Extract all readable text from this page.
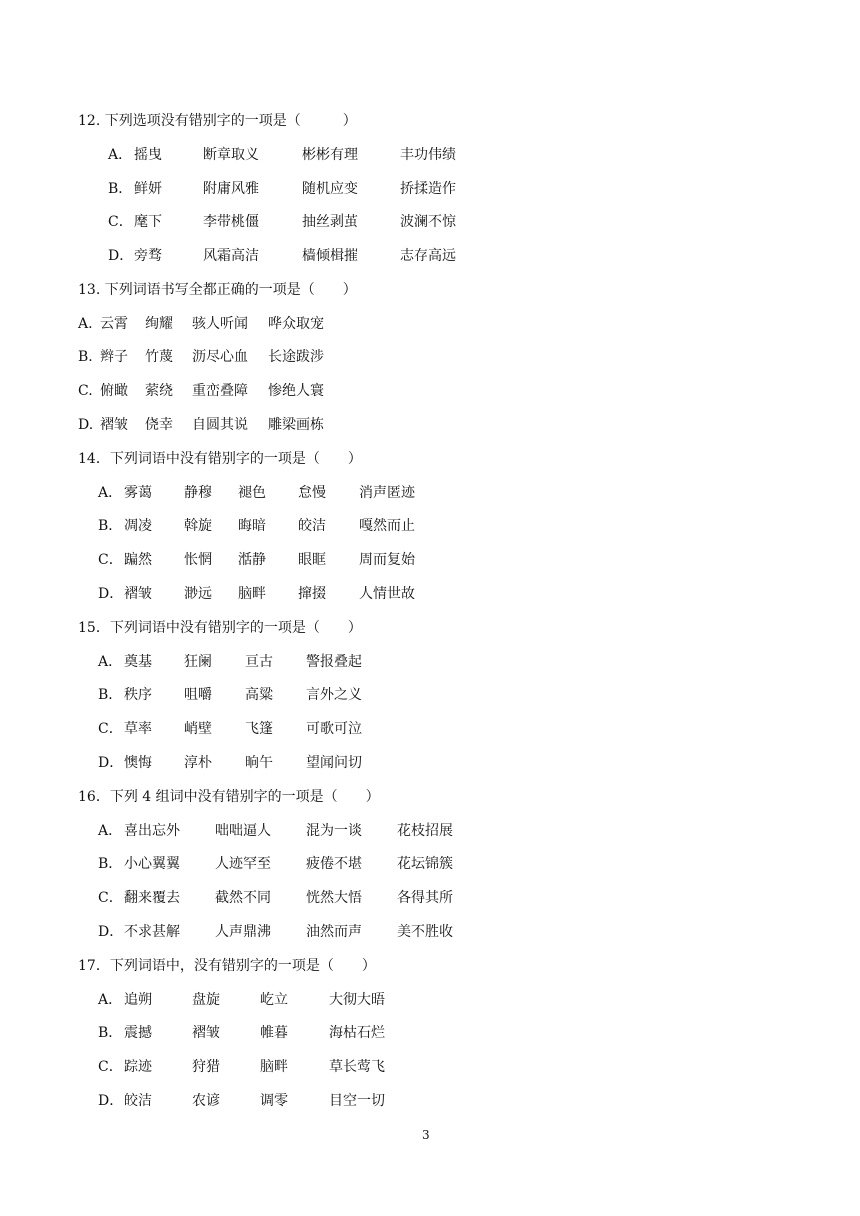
12. 下列选项没有错别字的一项是（　　　）
A． 摇曳	断章取义	彬彬有理	丰功伟绩
B． 鲜妍	附庸风雅	随机应变	挢揉造作
C． 麾下	李带桃僵	抽丝剥茧	波澜不惊
D． 旁骛	风霜高洁	樯倾楫摧	志存高远
13. 下列词语书写全都正确的一项是（　　）
A. 云霄 绚耀 骇人听闻 哗众取宠
B. 辫子 竹蔑 沥尽心血 长途跋涉
C. 俯瞰 萦绕 重峦叠障 惨绝人寰
D. 褶皱 侥幸 自圆其说 雕梁画栋
14．下列词语中没有错别字的一项是（　　）
A． 雾蔼 静穆 褪色 怠慢 消声匿迹
B． 凋凌 斡旋 晦暗 皎洁 嘎然而止
C． 蹁然 怅惘 湉静 眼眶 周而复始
D． 褶皱 渺远 脑畔 撺掇 人情世故
15．下列词语中没有错别字的一项是（　　）
A． 奠基 狂阑 亘古 警报叠起
B． 秩序 咀嚼 高粱 言外之义
C． 草率 峭壁 飞篷 可歌可泣
D． 懊悔 淳朴 晌午 望闻问切
16．下列 4 组词中没有错别字的一项是（　　）
A． 喜出忘外	咄咄逼人	混为一谈	花枝招展
B． 小心翼翼	人迹罕至	疲倦不堪	花坛锦簇
C． 翻来覆去	截然不同	恍然大悟	各得其所
D． 不求甚解	人声鼎沸	油然而声	美不胜收
17．下列词语中，没有错别字的一项是（　　）
A． 追朔	盘旋	屹立	大彻大晤
B． 震撼	褶皱	帷暮	海枯石烂
C． 踪迹	狩猎	脑畔	草长莺飞
D． 皎洁	农谚	调零	目空一切
3
